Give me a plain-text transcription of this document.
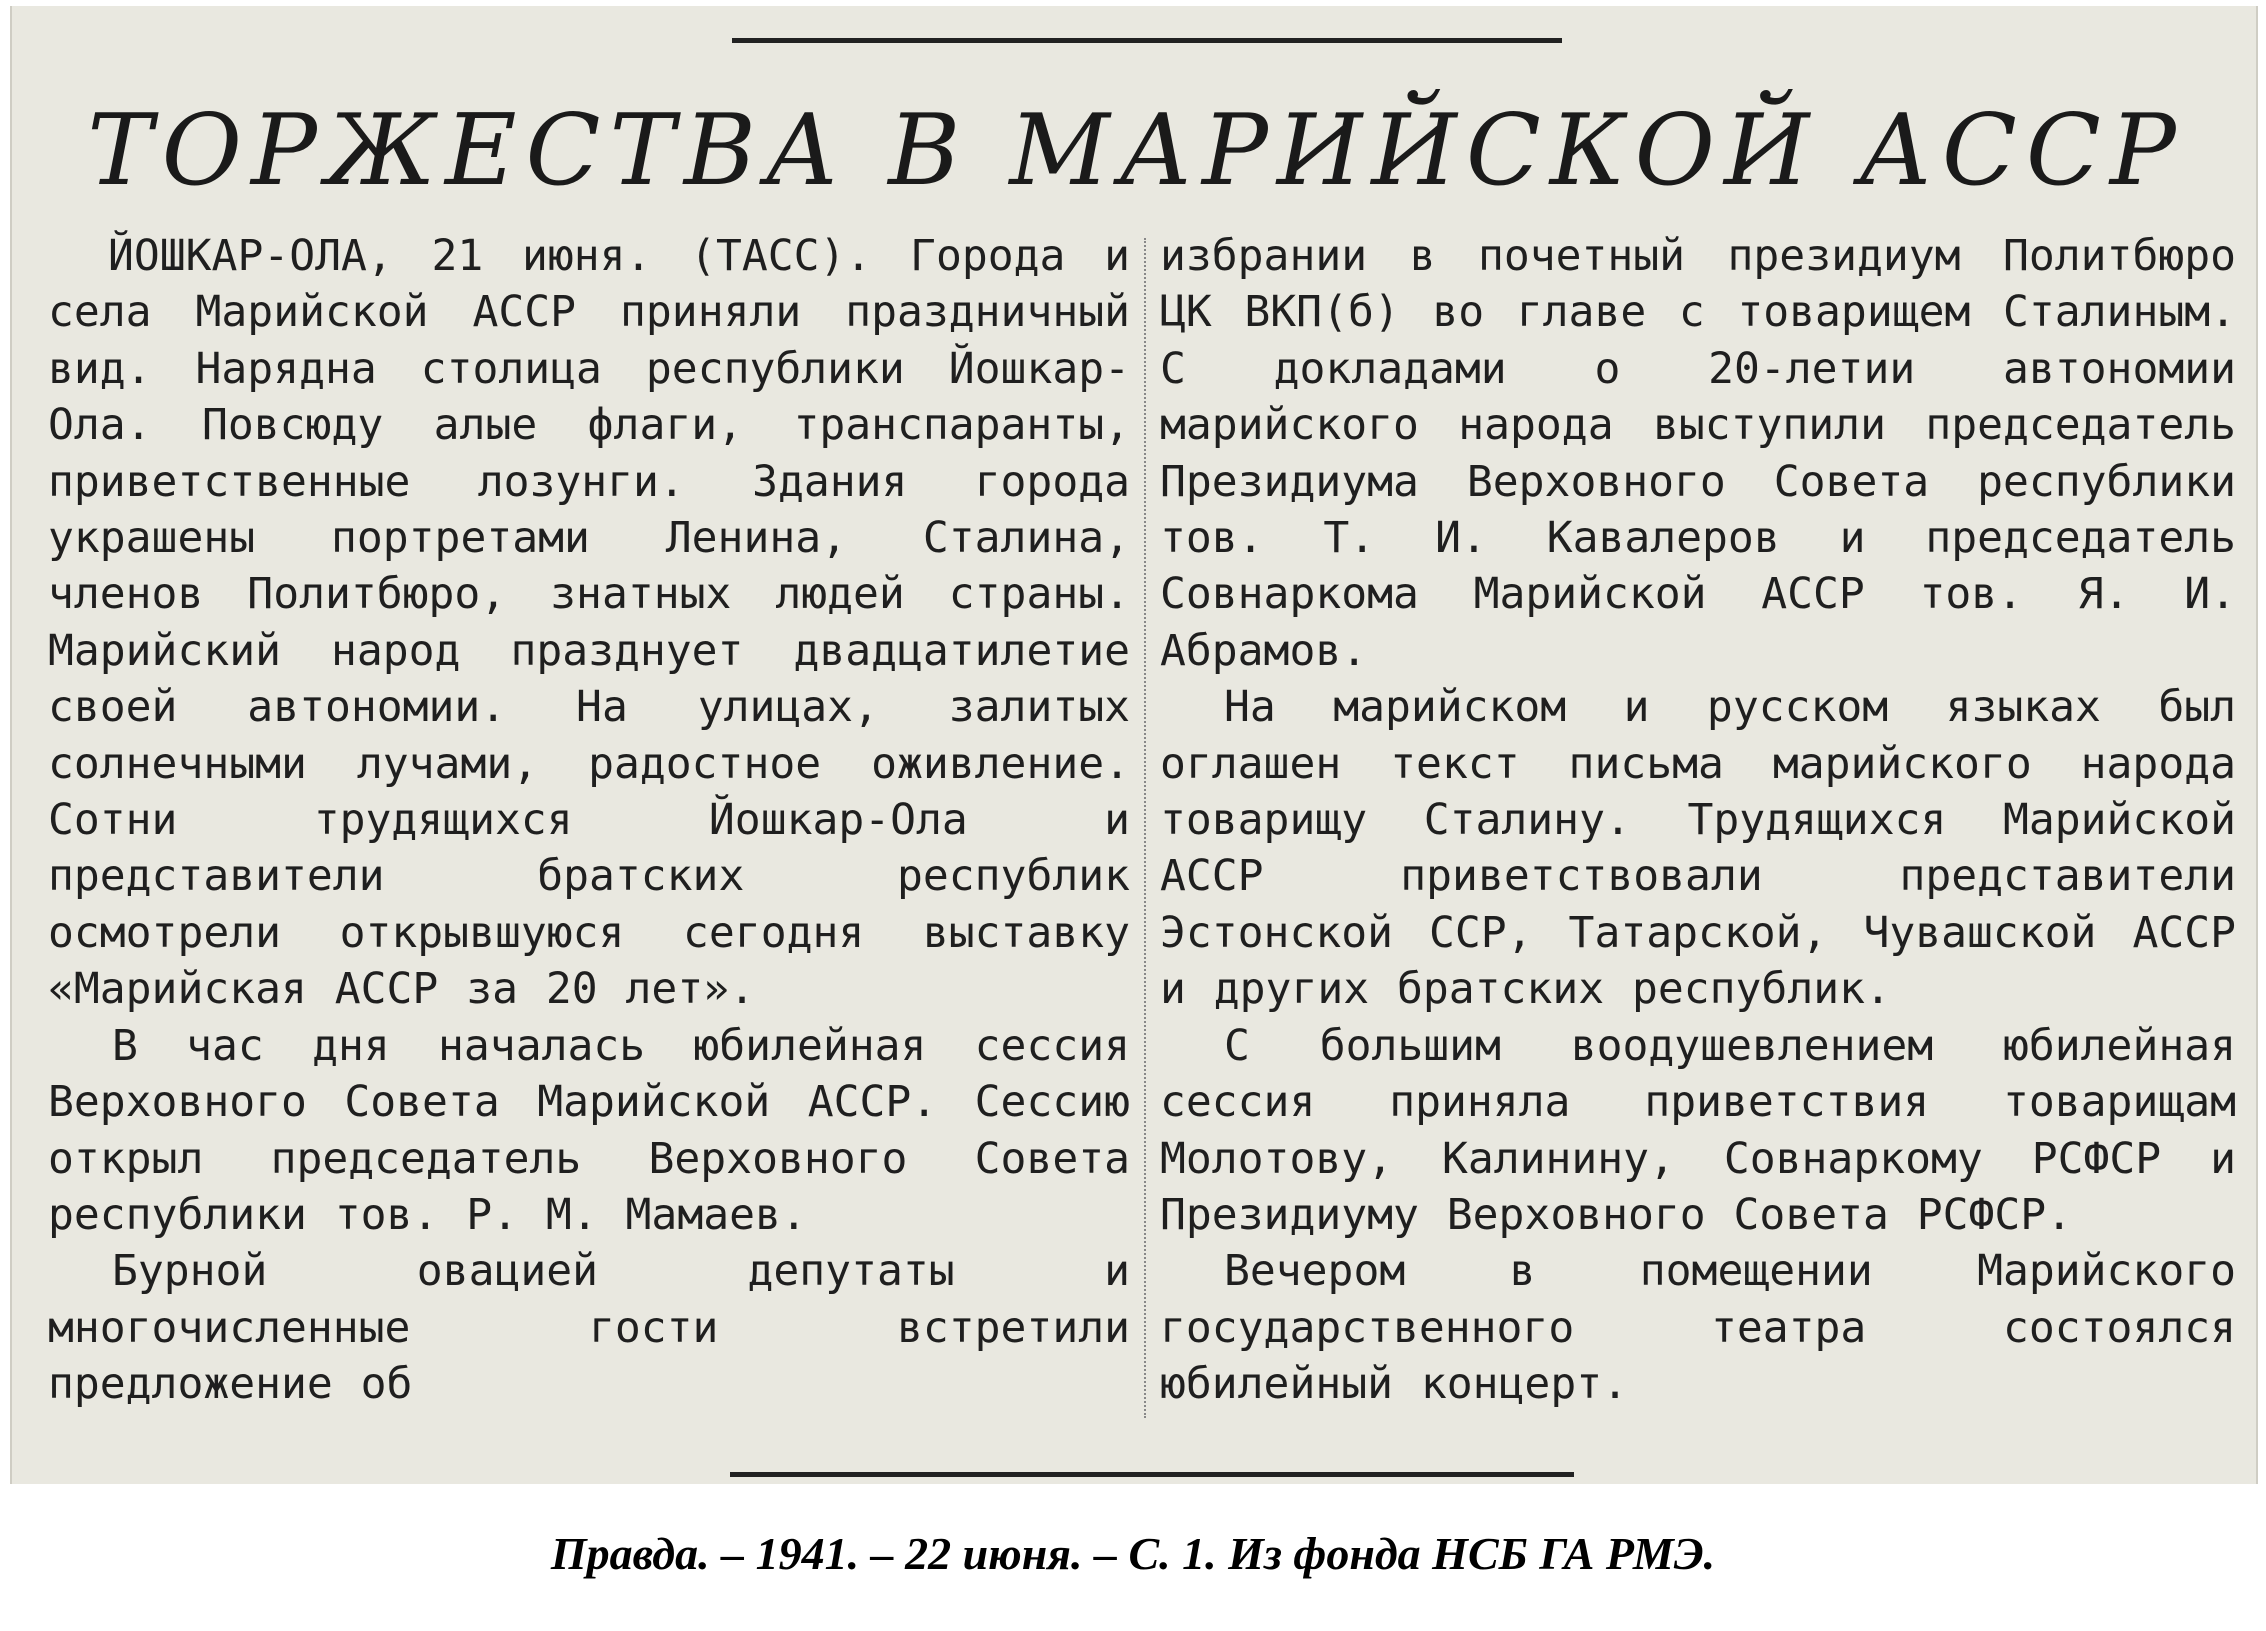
ТОРЖЕСТВА В МАРИЙСКОЙ АССР

ЙОШКАР-ОЛА, 21 июня. (ТАСС). Города и села Марийской АССР приняли праздничный вид. Нарядна столица республики Йошкар-Ола. Повсюду алые флаги, транспаранты, приветственные лозунги. Здания города украшены портретами Ленина, Сталина, членов Политбюро, знатных людей страны. Марийский народ празднует двадцатилетие своей автономии. На улицах, залитых солнечными лучами, радостное оживление. Сотни трудящихся Йошкар-Ола и представители братских республик осмотрели открывшуюся сегодня выставку «Марийская АССР за 20 лет».

В час дня началась юбилейная сессия Верховного Совета Марийской АССР. Сессию открыл председатель Верховного Совета республики тов. Р. М. Мамаев.

Бурной овацией депутаты и многочисленные гости встретили предложение об

избрании в почетный президиум Политбюро ЦК ВКП(б) во главе с товарищем Сталиным. С докладами о 20-летии автономии марийского народа выступили председатель Президиума Верховного Совета республики тов. Т. И. Кавалеров и председатель Совнаркома Марийской АССР тов. Я. И. Абрамов.

На марийском и русском языках был оглашен текст письма марийского народа товарищу Сталину. Трудящихся Марийской АССР приветствовали представители Эстонской ССР, Татарской, Чувашской АССР и других братских республик.

С большим воодушевлением юбилейная сессия приняла приветствия товарищам Молотову, Калинину, Совнаркому РСФСР и Президиуму Верховного Совета РСФСР.

Вечером в помещении Марийского государственного театра состоялся юбилейный концерт.

Правда. – 1941. – 22 июня. – С. 1. Из фонда НСБ ГА РМЭ.
